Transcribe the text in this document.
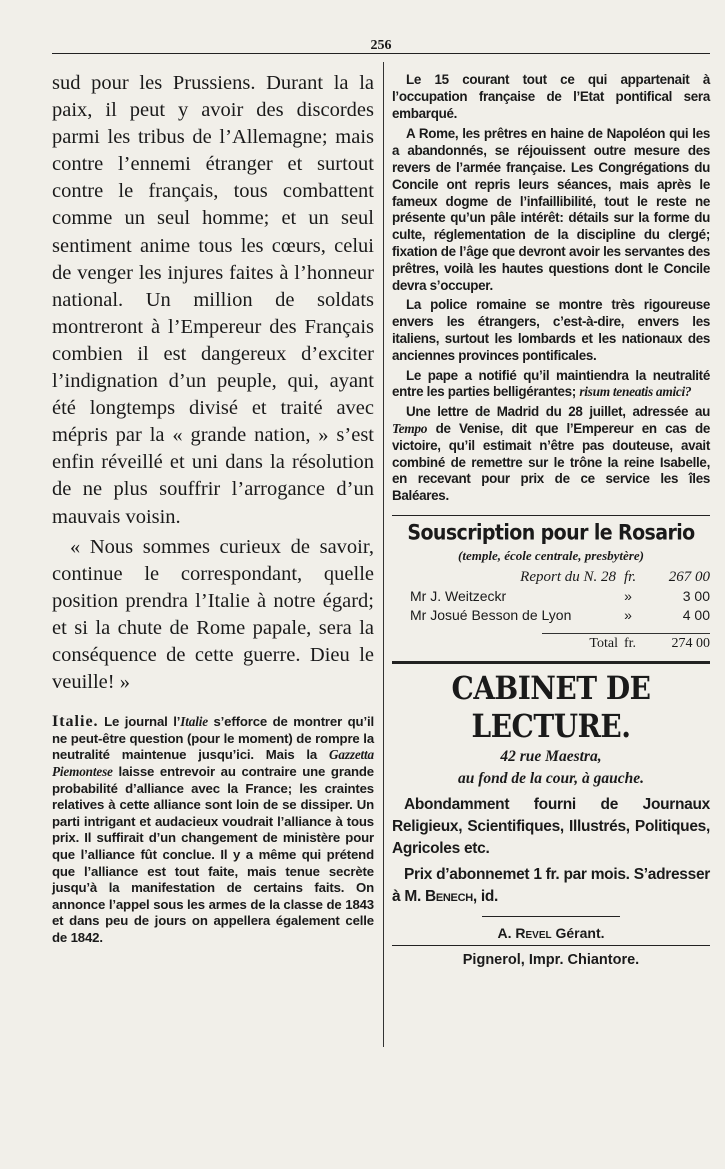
256

sud pour les Prussiens. Durant la la paix, il peut y avoir des discordes parmi les tribus de l’Allemagne; mais contre l’ennemi étranger et surtout contre le français, tous combattent comme un seul homme; et un seul sentiment anime tous les cœurs, celui de venger les injures faites à l’honneur national. Un million de soldats montreront à l’Empereur des Français combien il est dangereux d’exciter l’indignation d’un peuple, qui, ayant été longtemps divisé et traité avec mépris par la « grande nation, » s’est enfin réveillé et uni dans la résolution de ne plus souffrir l’arrogance d’un mauvais voisin.

« Nous sommes curieux de savoir, continue le correspondant, quelle position prendra l’Italie à notre égard; et si la chute de Rome papale, sera la conséquence de cette guerre. Dieu le veuille! »

Italie. Le journal l’Italie s’efforce de montrer qu’il ne peut-être question (pour le moment) de rompre la neutralité maintenue jusqu’ici. Mais la Gazzetta Piemontese laisse entrevoir au contraire une grande probabilité d’alliance avec la France; les craintes relatives à cette alliance sont loin de se dissiper. Un parti intrigant et audacieux voudrait l’alliance à tous prix. Il suffirait d’un changement de ministère pour que l’alliance fût conclue. Il y a même qui prétend que l’alliance est tout faite, mais tenue secrète jusqu’à la manifestation de certains faits. On annonce l’appel sous les armes de la classe de 1843 et dans peu de jours on appellera également celle de 1842.

Le 15 courant tout ce qui appartenait à l’occupation française de l’Etat pontifical sera embarqué.

A Rome, les prêtres en haine de Napoléon qui les a abandonnés, se réjouissent outre mesure des revers de l’armée française. Les Congrégations du Concile ont repris leurs séances, mais après le fameux dogme de l’infaillibilité, tout le reste ne présente qu’un pâle intérêt: détails sur la forme du culte, réglementation de la discipline du clergé; fixation de l’âge que devront avoir les servantes des prêtres, voilà les hautes questions dont le Concile devra s’occuper.

La police romaine se montre très rigoureuse envers les étrangers, c’est-à-dire, envers les italiens, surtout les lombards et les nationaux des anciennes provinces pontificales.

Le pape a notifié qu’il maintiendra la neutralité entre les parties belligérantes; risum teneatis amici?

Une lettre de Madrid du 28 juillet, adressée au Tempo de Venise, dit que l’Empereur en cas de victoire, qu’il estimait n’être pas douteuse, avait combiné de remettre sur le trône la reine Isabelle, en recevant pour prix de ce service les îles Baléares.

Souscription pour le Rosario
(temple, école centrale, presbytère)
Report du N. 28 fr.	267 00
Mr J. Weitzeckr	»	3 00
Mr Josué Besson de Lyon	»	4 00
Total fr.	274 00
CABINET DE LECTURE.

42 rue Maestra,

au fond de la cour, à gauche.

Abondamment fourni de Journaux Religieux, Scientifiques, Illustrés, Politiques, Agricoles etc.

Prix d’abonnemet 1 fr. par mois. S’adresser à M. Benech, id.

A. Revel Gérant.
Pignerol, Impr. Chiantore.
